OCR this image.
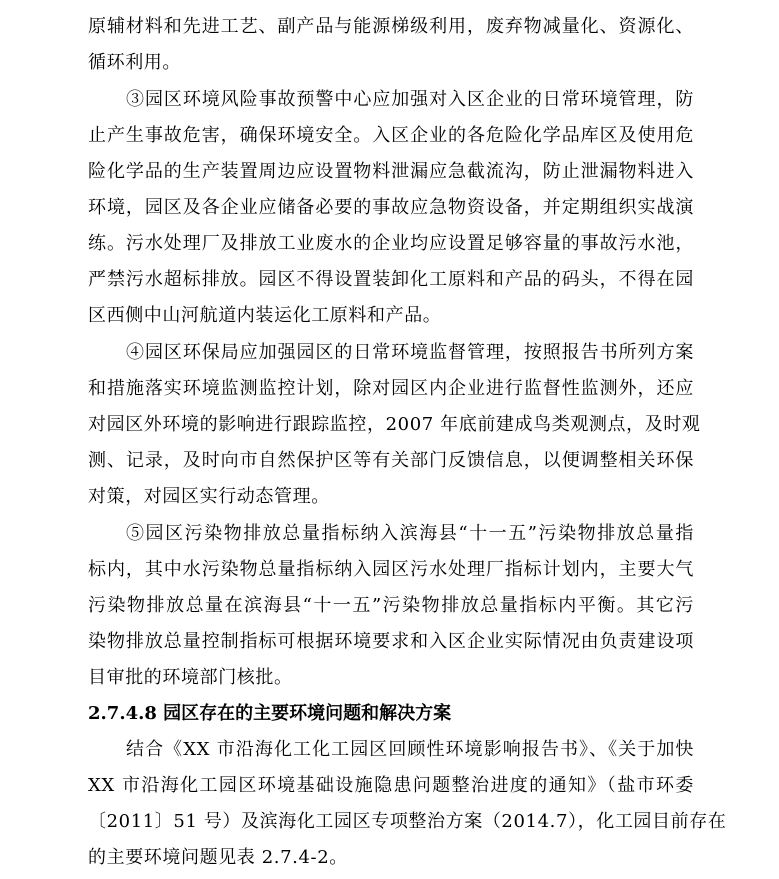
原辅材料和先进工艺、副产品与能源梯级利用，废弃物减量化、资源化、
循环利用。
③园区环境风险事故预警中心应加强对入区企业的日常环境管理，防
止产生事故危害，确保环境安全。入区企业的各危险化学品库区及使用危
险化学品的生产装置周边应设置物料泄漏应急截流沟，防止泄漏物料进入
环境，园区及各企业应储备必要的事故应急物资设备，并定期组织实战演
练。污水处理厂及排放工业废水的企业均应设置足够容量的事故污水池，
严禁污水超标排放。园区不得设置装卸化工原料和产品的码头，不得在园
区西侧中山河航道内装运化工原料和产品。
④园区环保局应加强园区的日常环境监督管理，按照报告书所列方案
和措施落实环境监测监控计划，除对园区内企业进行监督性监测外，还应
对园区外环境的影响进行跟踪监控，2007 年底前建成鸟类观测点，及时观
测、记录，及时向市自然保护区等有关部门反馈信息，以便调整相关环保
对策，对园区实行动态管理。
⑤园区污染物排放总量指标纳入滨海县“十一五”污染物排放总量指
标内，其中水污染物总量指标纳入园区污水处理厂指标计划内，主要大气
污染物排放总量在滨海县“十一五”污染物排放总量指标内平衡。其它污
染物排放总量控制指标可根据环境要求和入区企业实际情况由负责建设项
目审批的环境部门核批。
2.7.4.8 园区存在的主要环境问题和解决方案
结合《XX 市沿海化工化工园区回顾性环境影响报告书》、《关于加快
XX 市沿海化工园区环境基础设施隐患问题整治进度的通知》（盐市环委
〔2011〕51 号）及滨海化工园区专项整治方案（2014.7），化工园目前存在
的主要环境问题见表 2.7.4-2。
